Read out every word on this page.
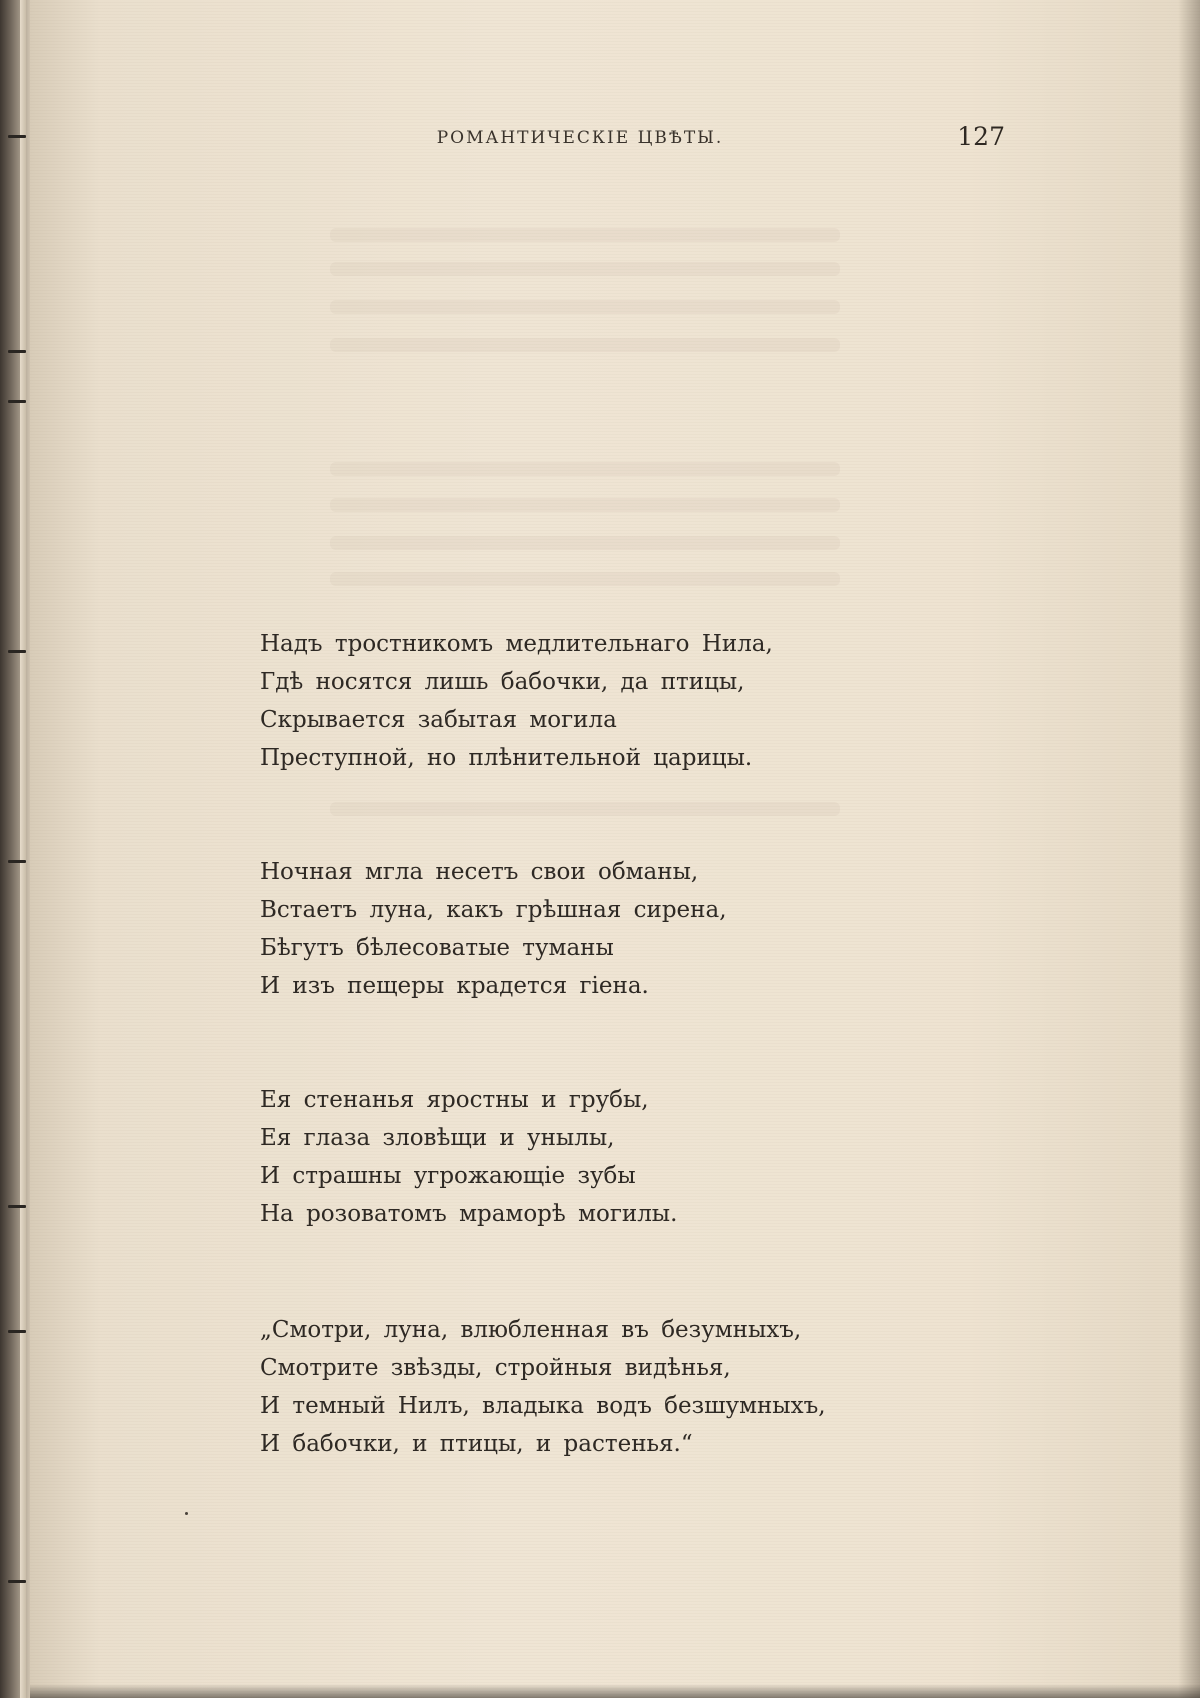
РОМАНТИЧЕСКІЕ ЦВѢТЫ.	127
Надъ тростникомъ медлительнаго Нила,
Гдѣ носятся лишь бабочки, да птицы,
Скрывается забытая могила
Преступной, но плѣнительной царицы.
Ночная мгла несетъ свои обманы,
Встаетъ луна, какъ грѣшная сирена,
Бѣгутъ бѣлесоватые туманы
И изъ пещеры крадется гіена.
Ея стенанья яростны и грубы,
Ея глаза зловѣщи и унылы,
И страшны угрожающіе зубы
На розоватомъ мраморѣ могилы.
„Смотри, луна, влюбленная въ безумныхъ,
Смотрите звѣзды, стройныя видѣнья,
И темный Нилъ, владыка водъ безшумныхъ,
И бабочки, и птицы, и растенья.“
